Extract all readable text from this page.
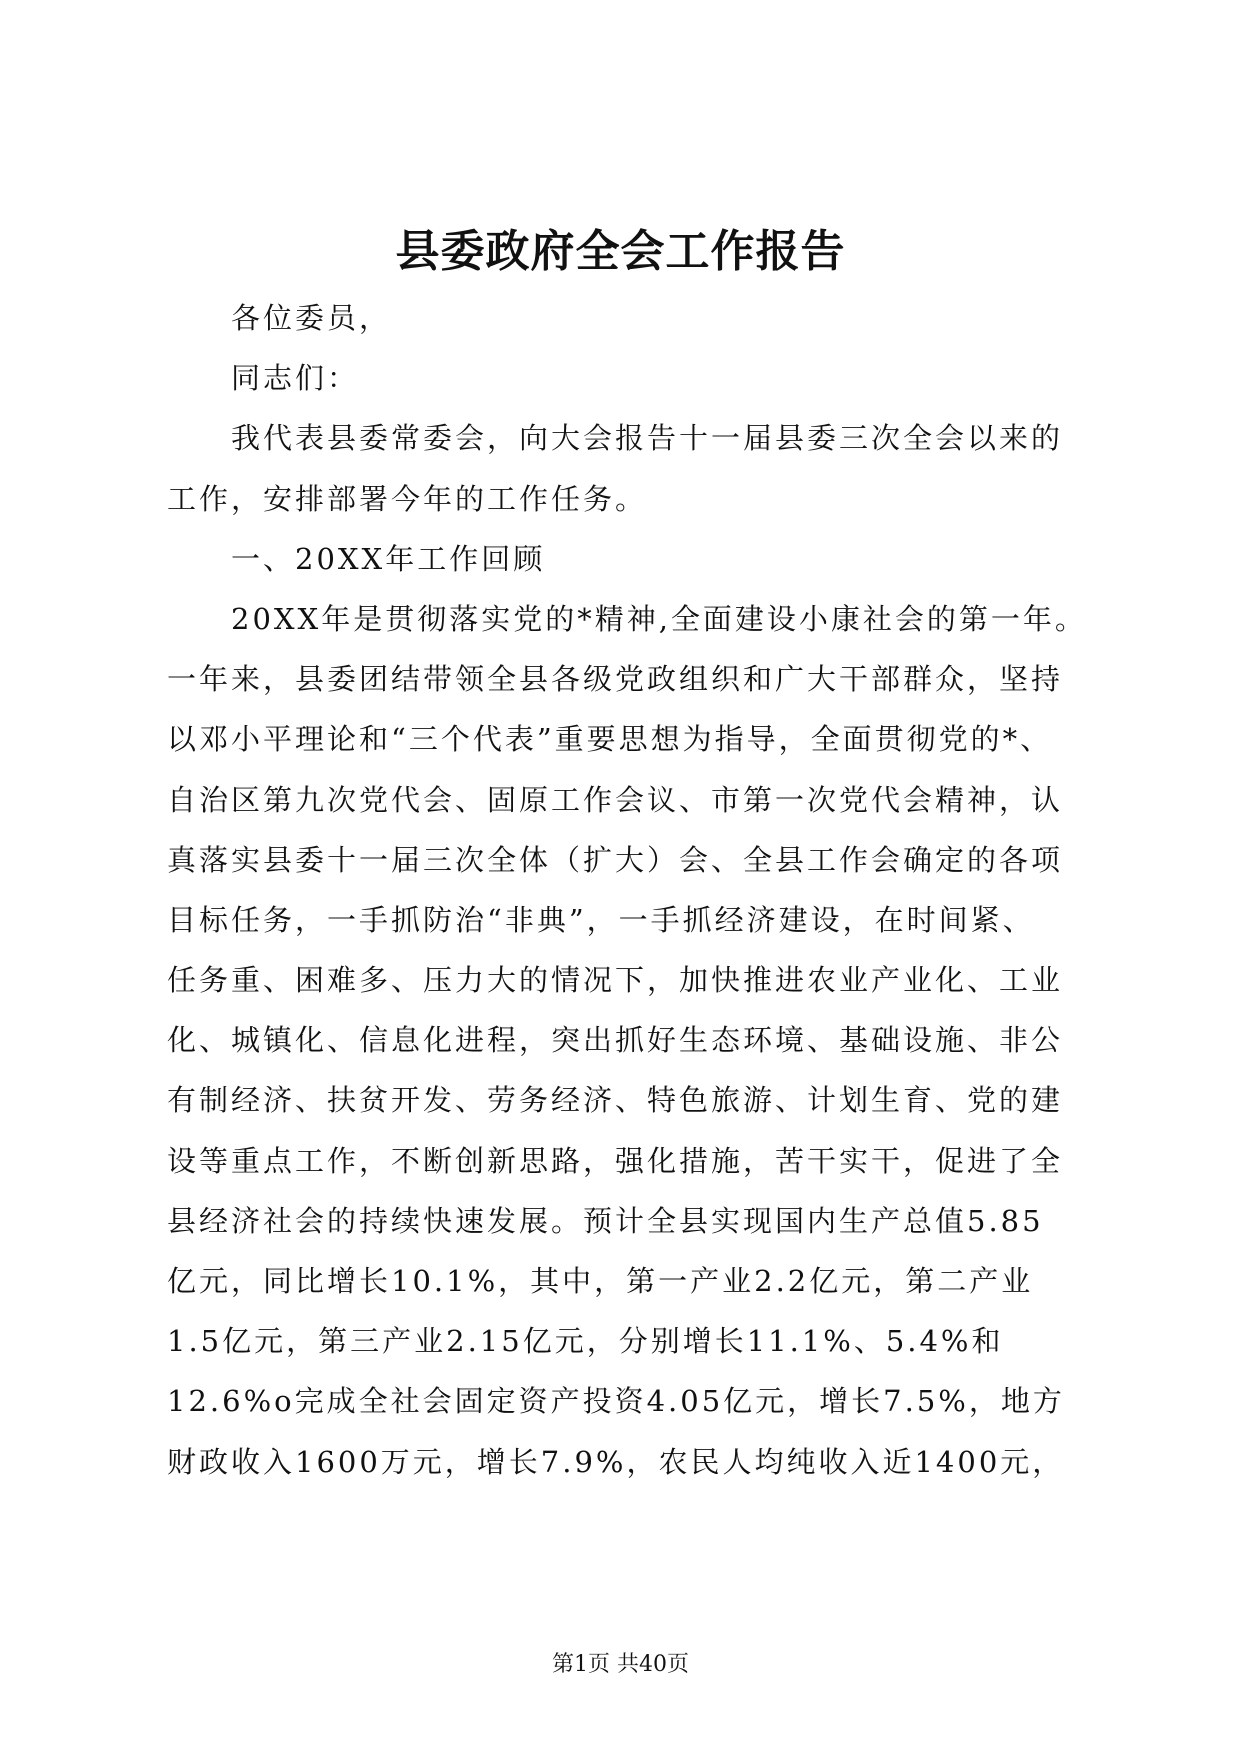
县委政府全会工作报告
各位委员，
同志们：
我代表县委常委会，向大会报告十一届县委三次全会以来的
工作，安排部署今年的工作任务。
一、20XX年工作回顾
20XX年是贯彻落实党的*精神,全面建设小康社会的第一年。
一年来，县委团结带领全县各级党政组织和广大干部群众，坚持
以邓小平理论和“三个代表”重要思想为指导，全面贯彻党的*、
自治区第九次党代会、固原工作会议、市第一次党代会精神，认
真落实县委十一届三次全体（扩大）会、全县工作会确定的各项
目标任务，一手抓防治“非典”，一手抓经济建设，在时间紧、
任务重、困难多、压力大的情况下，加快推进农业产业化、工业
化、城镇化、信息化进程，突出抓好生态环境、基础设施、非公
有制经济、扶贫开发、劳务经济、特色旅游、计划生育、党的建
设等重点工作，不断创新思路，强化措施，苦干实干，促进了全
县经济社会的持续快速发展。预计全县实现国内生产总值5.85
亿元，同比增长10.1%，其中，第一产业2.2亿元，第二产业
1.5亿元，第三产业2.15亿元，分别增长11.1%、5.4%和
12.6%o完成全社会固定资产投资4.05亿元，增长7.5%，地方
财政收入1600万元，增长7.9%，农民人均纯收入近1400元，
第1页 共40页
